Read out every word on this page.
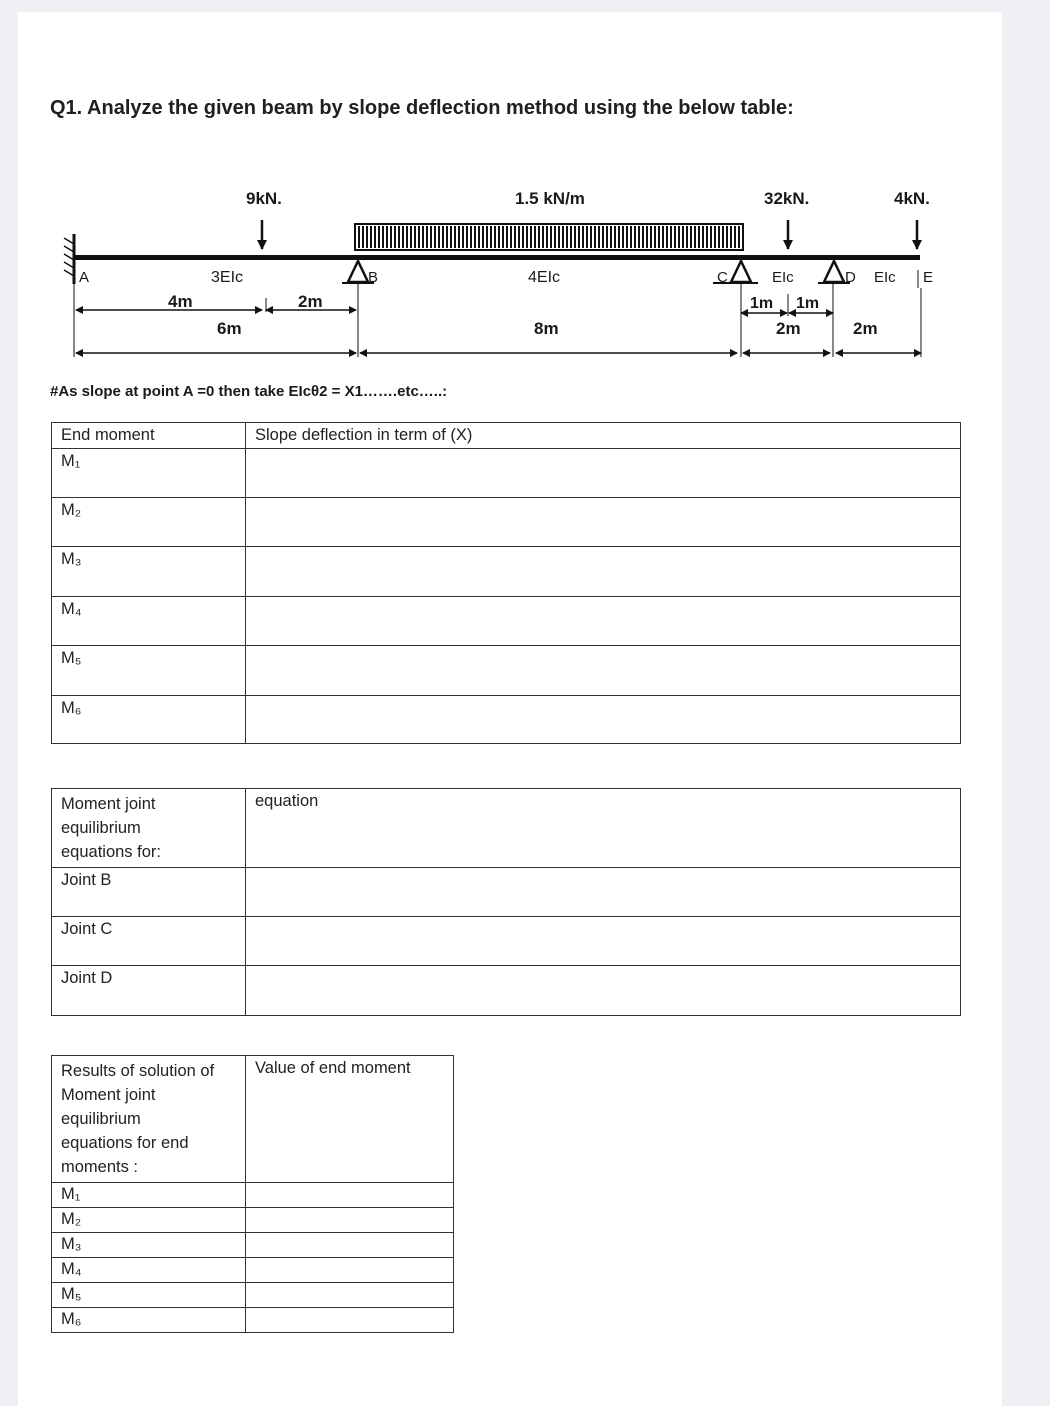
Q1. Analyze the given beam by slope deflection method using the below table:
9kN.	1.5 kN/m	32kN.	4kN.
A	B	C	D	E
3EIc	4EIc	EIc	EIc
4m	2m	1m 1m
6m	8m	2m	2m
#As slope at point A =0 then take EIcθ2 = X1…….etc…..:
End moment	Slope deflection in term of (X)
M₁	
M₂	
M₃	
M₄	
M₅	
M₆	
Moment joint
equilibrium
equations for:	equation
Joint B	
Joint C	
Joint D	
Results of solution of
Moment joint
equilibrium
equations for end
moments :	Value of end moment
M₁	
M₂	
M₃	
M₄	
M₅	
M₆	
